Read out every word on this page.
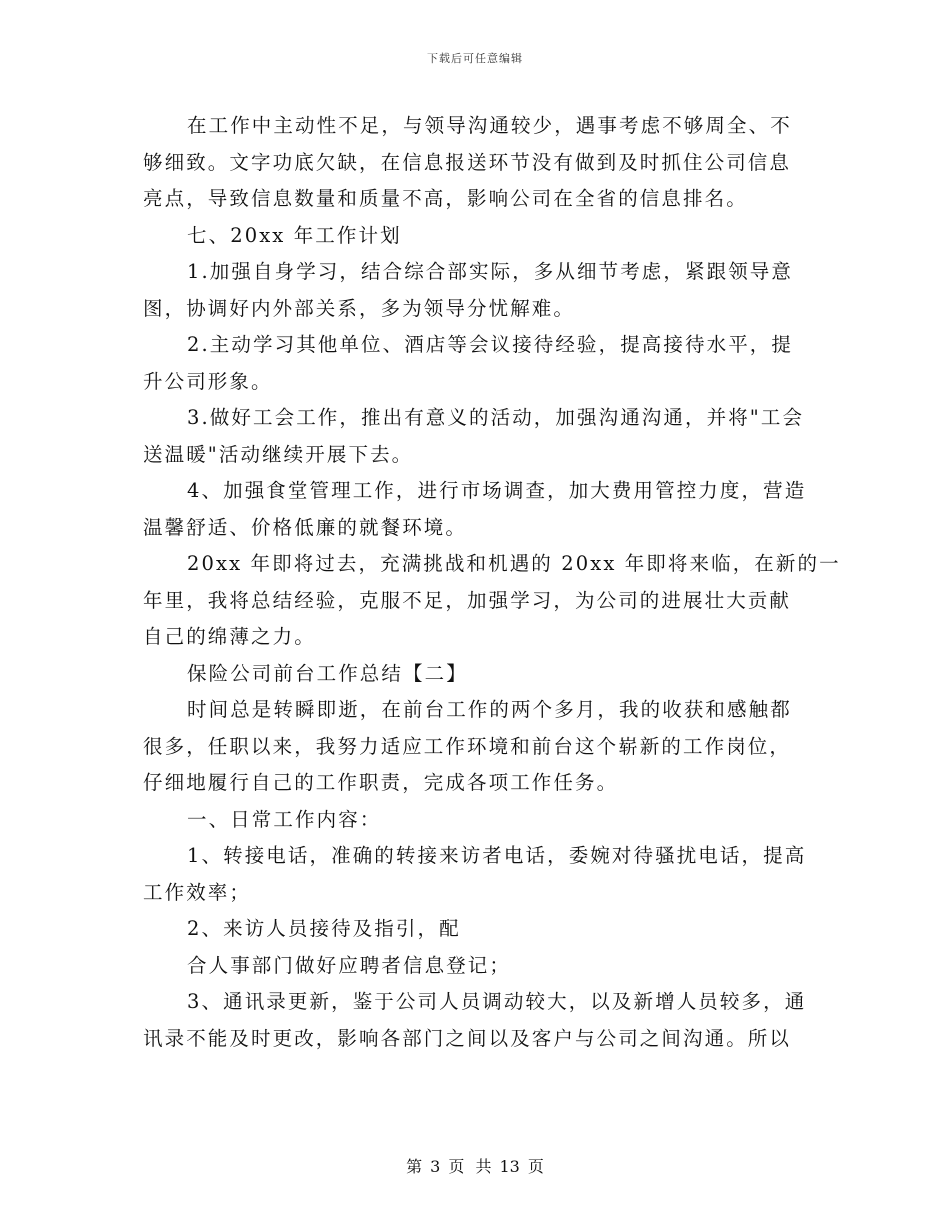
下载后可任意编辑
在工作中主动性不足，与领导沟通较少，遇事考虑不够周全、不
够细致。文字功底欠缺，在信息报送环节没有做到及时抓住公司信息
亮点，导致信息数量和质量不高，影响公司在全省的信息排名。
七、20xx 年工作计划
1.加强自身学习，结合综合部实际，多从细节考虑，紧跟领导意
图，协调好内外部关系，多为领导分忧解难。
2.主动学习其他单位、酒店等会议接待经验，提高接待水平，提
升公司形象。
3.做好工会工作，推出有意义的活动，加强沟通沟通，并将"工会
送温暖"活动继续开展下去。
4、加强食堂管理工作，进行市场调查，加大费用管控力度，营造
温馨舒适、价格低廉的就餐环境。
20xx 年即将过去，充满挑战和机遇的 20xx 年即将来临，在新的一
年里，我将总结经验，克服不足，加强学习，为公司的进展壮大贡献
自己的绵薄之力。
保险公司前台工作总结【二】
时间总是转瞬即逝，在前台工作的两个多月，我的收获和感触都
很多，任职以来，我努力适应工作环境和前台这个崭新的工作岗位，
仔细地履行自己的工作职责，完成各项工作任务。
一、日常工作内容：
1、转接电话，准确的转接来访者电话，委婉对待骚扰电话，提高
工作效率；
2、来访人员接待及指引，配
合人事部门做好应聘者信息登记；
3、通讯录更新，鉴于公司人员调动较大，以及新增人员较多，通
讯录不能及时更改，影响各部门之间以及客户与公司之间沟通。所以
第 3 页 共 13 页
